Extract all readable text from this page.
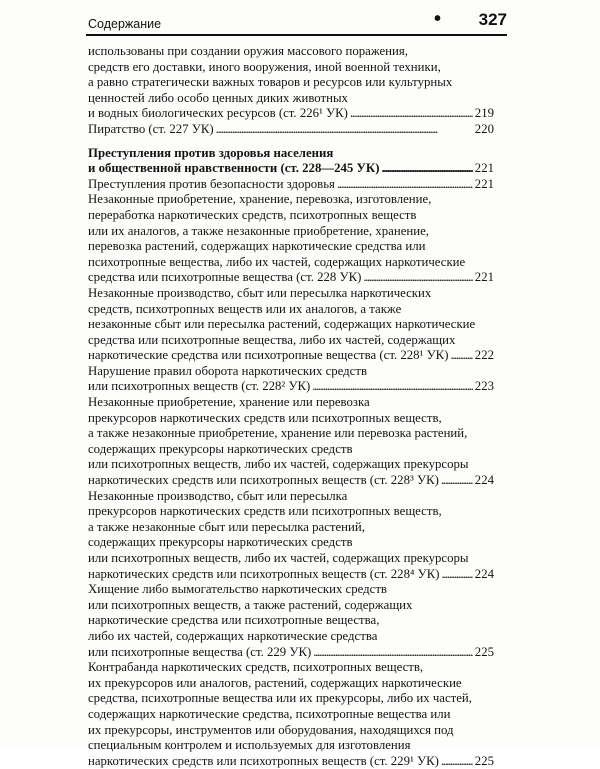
Содержание	• 327
использованы при создании оружия массового поражения,
средств его доставки, иного вооружения, иной военной техники,
а равно стратегически важных товаров и ресурсов или культурных
ценностей либо особо ценных диких животных
и водных биологических ресурсов (ст. 226¹ УК) . . .	219
Пиратство (ст. 227 УК) . . .	220
Преступления против здоровья населения
и общественной нравственности (ст. 228—245 УК) . . .	221
Преступления против безопасности здоровья . . .	221
Незаконные приобретение, хранение, перевозка, изготовление,
переработка наркотических средств, психотропных веществ
или их аналогов, а также незаконные приобретение, хранение,
перевозка растений, содержащих наркотические средства или
психотропные вещества, либо их частей, содержащих наркотические
средства или психотропные вещества (ст. 228 УК) . . .	221
Незаконные производство, сбыт или пересылка наркотических
средств, психотропных веществ или их аналогов, а также
незаконные сбыт или пересылка растений, содержащих наркотические
средства или психотропные вещества, либо их частей, содержащих
наркотические средства или психотропные вещества (ст. 228¹ УК) . . . 222
Нарушение правил оборота наркотических средств
или психотропных веществ (ст. 228² УК) . . .	223
Незаконные приобретение, хранение или перевозка
прекурсоров наркотических средств или психотропных веществ,
а также незаконные приобретение, хранение или перевозка растений,
содержащих прекурсоры наркотических средств
или психотропных веществ, либо их частей, содержащих прекурсоры
наркотических средств или психотропных веществ (ст. 228³ УК) . . .	224
Незаконные производство, сбыт или пересылка
прекурсоров наркотических средств или психотропных веществ,
а также незаконные сбыт или пересылка растений,
содержащих прекурсоры наркотических средств
или психотропных веществ, либо их частей, содержащих прекурсоры
наркотических средств или психотропных веществ (ст. 228⁴ УК) . . .	224
Хищение либо вымогательство наркотических средств
или психотропных веществ, а также растений, содержащих
наркотические средства или психотропные вещества,
либо их частей, содержащих наркотические средства
или психотропные вещества (ст. 229 УК) . . .	225
Контрабанда наркотических средств, психотропных веществ,
их прекурсоров или аналогов, растений, содержащих наркотические
средства, психотропные вещества или их прекурсоры, либо их частей,
содержащих наркотические средства, психотропные вещества или
их прекурсоры, инструментов или оборудования, находящихся под
специальным контролем и используемых для изготовления
наркотических средств или психотропных веществ (ст. 229¹ УК) . . .	225
